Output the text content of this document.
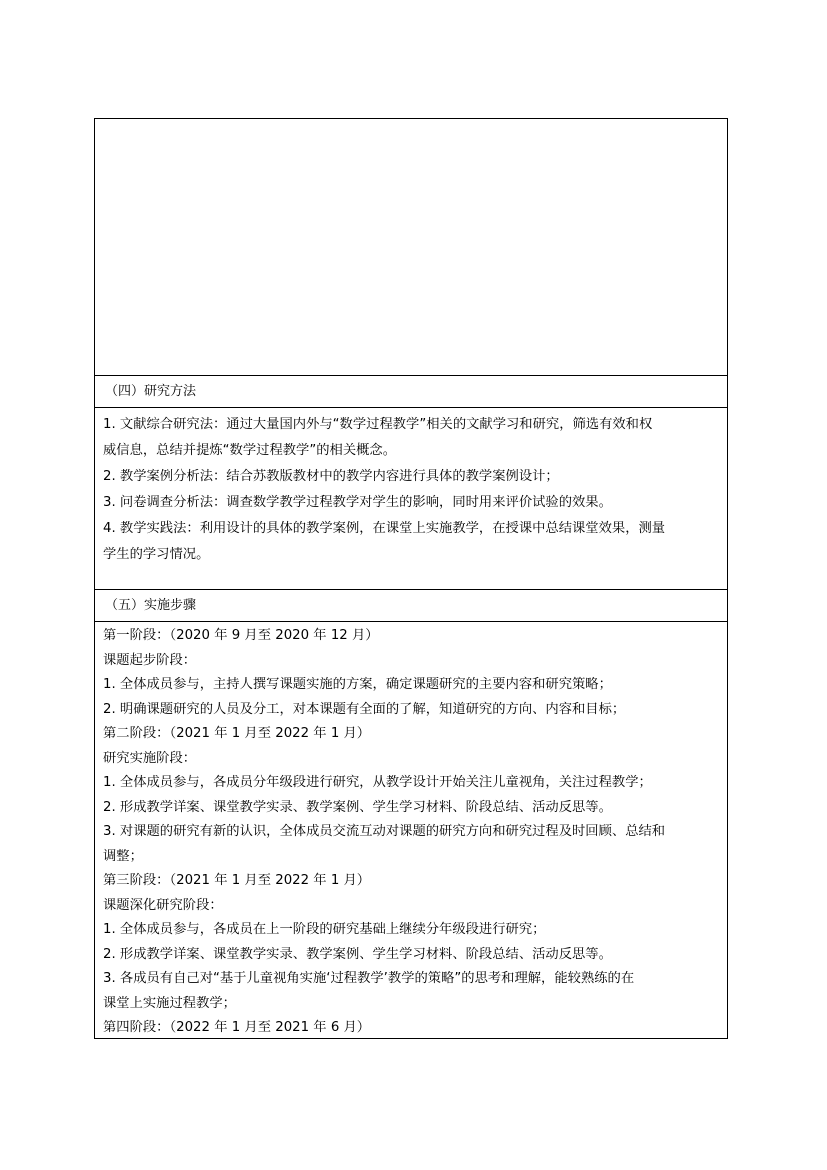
（四）研究方法
1. 文献综合研究法：通过大量国内外与“数学过程教学”相关的文献学习和研究，筛选有效和权
威信息，总结并提炼“数学过程教学”的相关概念。
2. 教学案例分析法：结合苏教版教材中的教学内容进行具体的教学案例设计；
3. 问卷调查分析法：调查数学教学过程教学对学生的影响，同时用来评价试验的效果。
4. 教学实践法：利用设计的具体的教学案例，在课堂上实施教学，在授课中总结课堂效果，测量
学生的学习情况。
（五）实施步骤
第一阶段：（2020 年 9 月至 2020 年 12 月）
课题起步阶段：
1. 全体成员参与，主持人撰写课题实施的方案，确定课题研究的主要内容和研究策略；
2. 明确课题研究的人员及分工，对本课题有全面的了解，知道研究的方向、内容和目标；
第二阶段：（2021 年 1 月至 2022 年 1 月）
研究实施阶段：
1. 全体成员参与，各成员分年级段进行研究，从教学设计开始关注儿童视角，关注过程教学；
2. 形成教学详案、课堂教学实录、教学案例、学生学习材料、阶段总结、活动反思等。
3. 对课题的研究有新的认识，全体成员交流互动对课题的研究方向和研究过程及时回顾、总结和
调整；
第三阶段：（2021 年 1 月至 2022 年 1 月）
课题深化研究阶段：
1. 全体成员参与，各成员在上一阶段的研究基础上继续分年级段进行研究；
2. 形成教学详案、课堂教学实录、教学案例、学生学习材料、阶段总结、活动反思等。
3. 各成员有自己对“基于儿童视角实施‘过程教学’教学的策略”的思考和理解，能较熟练的在
课堂上实施过程教学；
第四阶段：（2022 年 1 月至 2021 年 6 月）
